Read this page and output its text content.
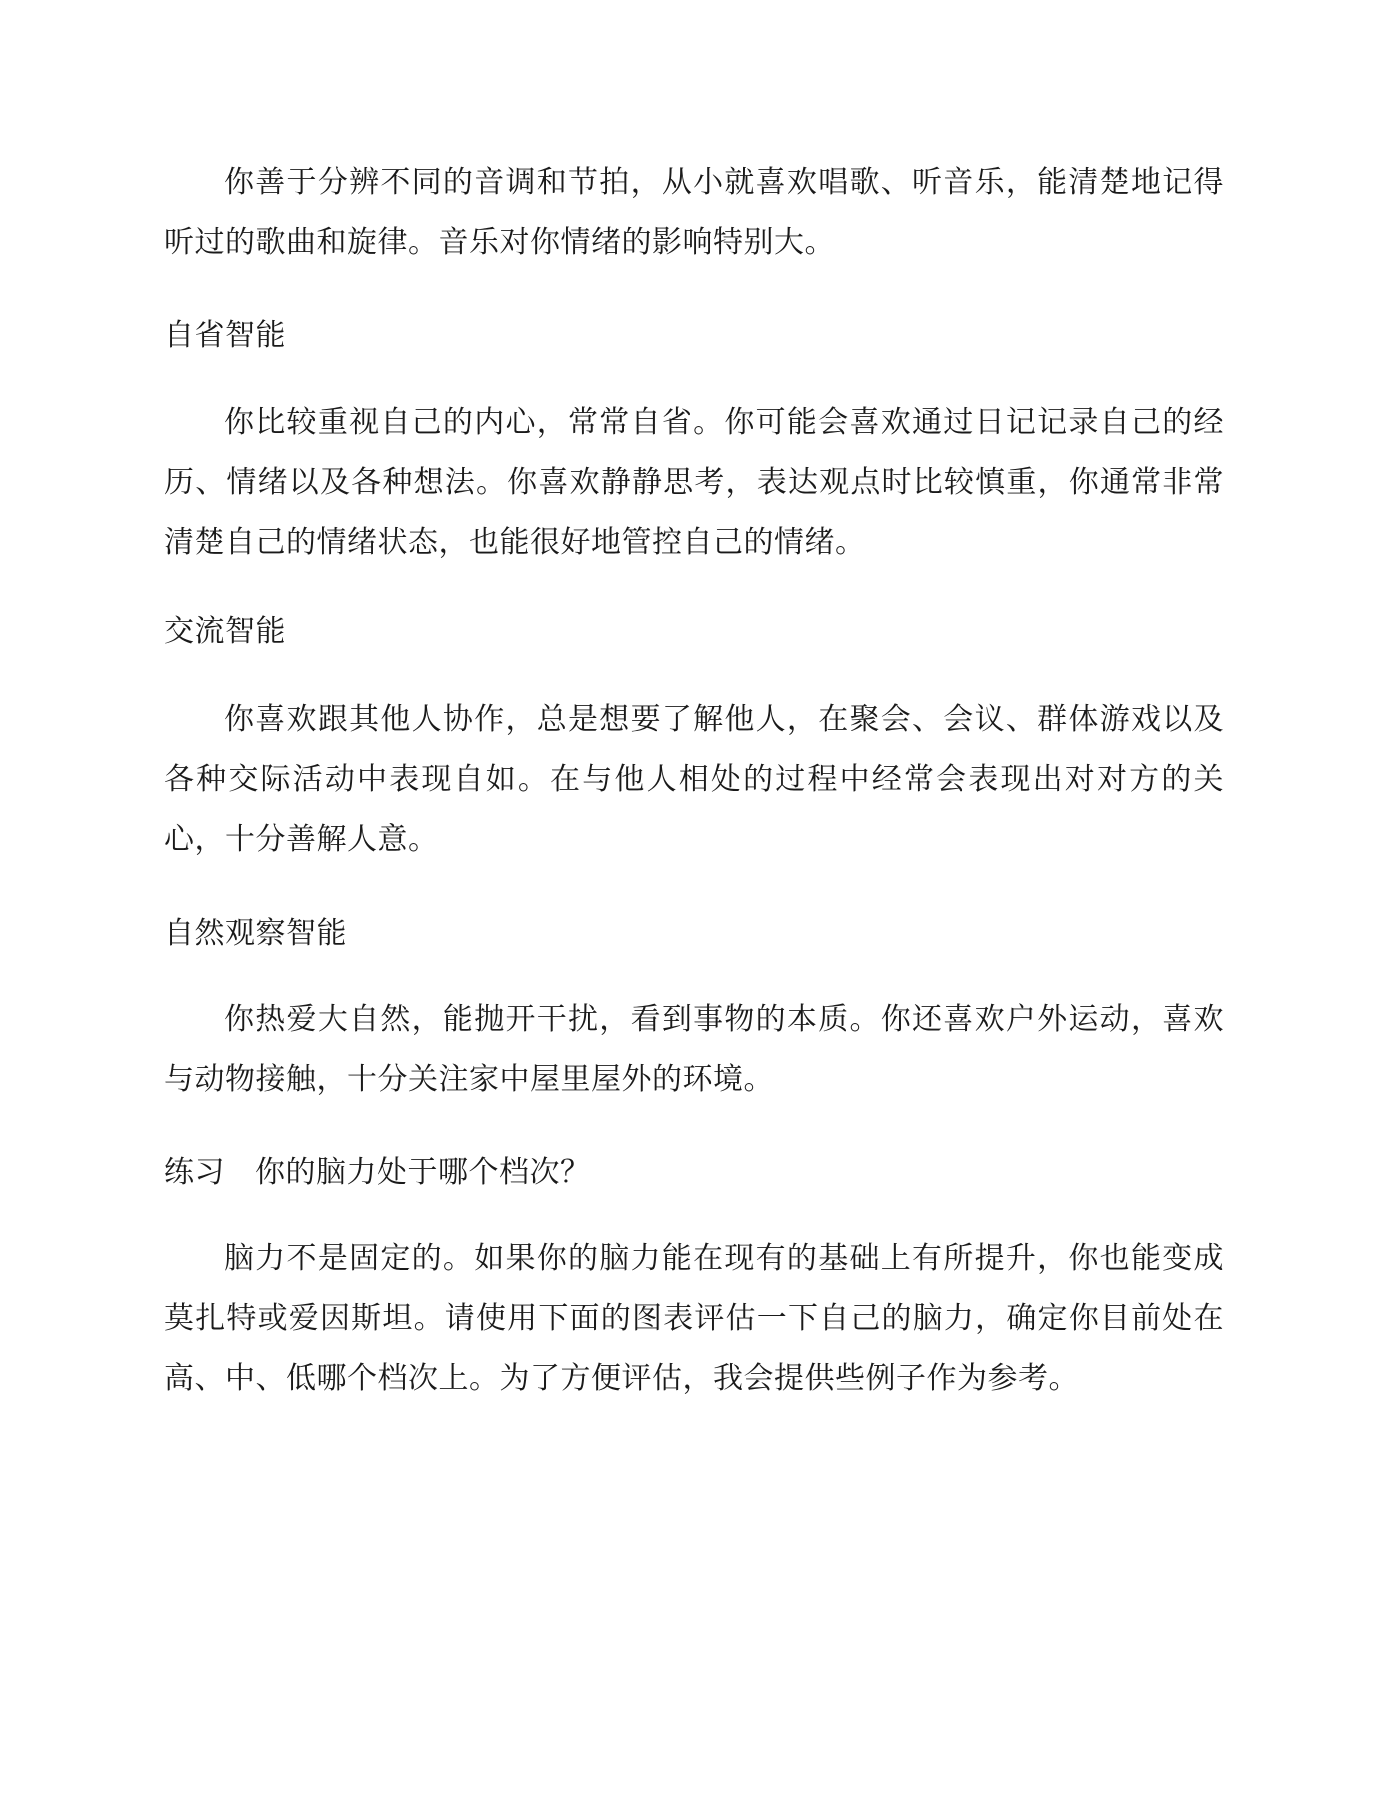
你善于分辨不同的音调和节拍，从小就喜欢唱歌、听音乐，能清楚地记得听过的歌曲和旋律。音乐对你情绪的影响特别大。

自省智能

你比较重视自己的内心，常常自省。你可能会喜欢通过日记记录自己的经历、情绪以及各种想法。你喜欢静静思考，表达观点时比较慎重，你通常非常清楚自己的情绪状态，也能很好地管控自己的情绪。

交流智能

你喜欢跟其他人协作，总是想要了解他人，在聚会、会议、群体游戏以及各种交际活动中表现自如。在与他人相处的过程中经常会表现出对对方的关心，十分善解人意。

自然观察智能

你热爱大自然，能抛开干扰，看到事物的本质。你还喜欢户外运动，喜欢与动物接触，十分关注家中屋里屋外的环境。

练习 你的脑力处于哪个档次？

脑力不是固定的。如果你的脑力能在现有的基础上有所提升，你也能变成莫扎特或爱因斯坦。请使用下面的图表评估一下自己的脑力，确定你目前处在高、中、低哪个档次上。为了方便评估，我会提供些例子作为参考。
